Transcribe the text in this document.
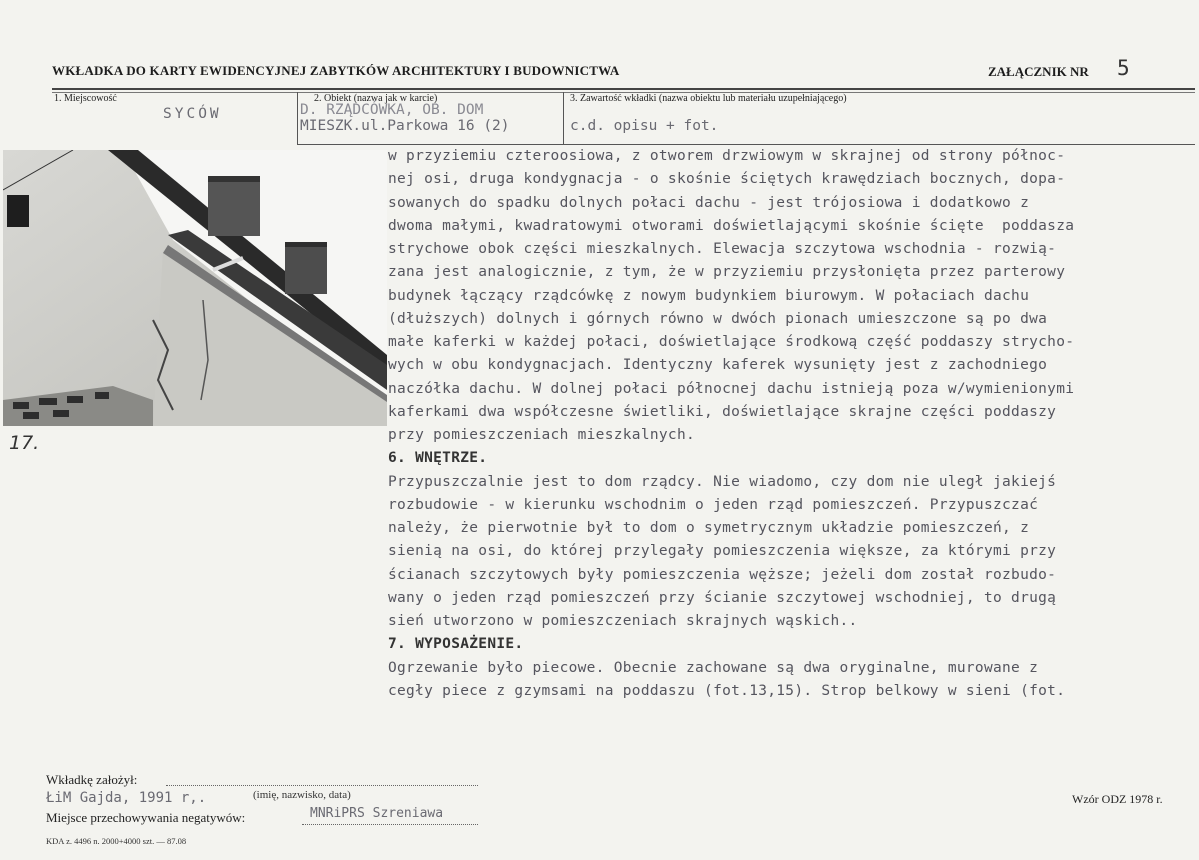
WKŁADKA DO KARTY EWIDENCYJNEJ ZABYTKÓW ARCHITEKTURY I BUDOWNICTWA	ZAŁĄCZNIK NR 5
1. Miejscowość
SYCÓW
2. Obiekt (nazwa jak w karcie)
D. RZĄDCÓWKA, OB. DOM
MIESZK.ul.Parkowa 16 (2)
3. Zawartość wkładki (nazwa obiektu lub materiału uzupełniającego)
c.d. opisu + fot.
17.
w przyziemiu czteroosiowa, z otworem drzwiowym w skrajnej od strony północ-
nej osi, druga kondygnacja - o skośnie ściętych krawędziach bocznych, dopa-
sowanych do spadku dolnych połaci dachu - jest trójosiowa i dodatkowo z
dwoma małymi, kwadratowymi otworami doświetlającymi skośnie ścięte  poddasza
strychowe obok części mieszkalnych. Elewacja szczytowa wschodnia - rozwią-
zana jest analogicznie, z tym, że w przyziemiu przysłonięta przez parterowy
budynek łączący rządcówkę z nowym budynkiem biurowym. W połaciach dachu
(dłuższych) dolnych i górnych równo w dwóch pionach umieszczone są po dwa
małe kaferki w każdej połaci, doświetlające środkową część poddaszy strycho-
wych w obu kondygnacjach. Identyczny kaferek wysunięty jest z zachodniego
naczółka dachu. W dolnej połaci północnej dachu istnieją poza w/wymienionymi
kaferkami dwa współczesne świetliki, doświetlające skrajne części poddaszy
przy pomieszczeniach mieszkalnych.
6. WNĘTRZE.
Przypuszczalnie jest to dom rządcy. Nie wiadomo, czy dom nie uległ jakiejś
rozbudowie - w kierunku wschodnim o jeden rząd pomieszczeń. Przypuszczać
należy, że pierwotnie był to dom o symetrycznym układzie pomieszczeń, z
sienią na osi, do której przylegały pomieszczenia większe, za którymi przy
ścianach szczytowych były pomieszczenia węższe; jeżeli dom został rozbudo-
wany o jeden rząd pomieszczeń przy ścianie szczytowej wschodniej, to drugą
sień utworzono w pomieszczeniach skrajnych wąskich..
7. WYPOSAŻENIE.
Ogrzewanie było piecowe. Obecnie zachowane są dwa oryginalne, murowane z
cegły piece z gzymsami na poddaszu (fot.13,15). Strop belkowy w sieni (fot.
Wkładkę założył:
ŁiM Gajda, 1991 r,.	(imię, nazwisko, data)
Miejsce przechowywania negatywów:	MNRiPRS Szreniawa
KDA z. 4496 n. 2000+4000 szt. — 87.08
Wzór ODZ 1978 r.
